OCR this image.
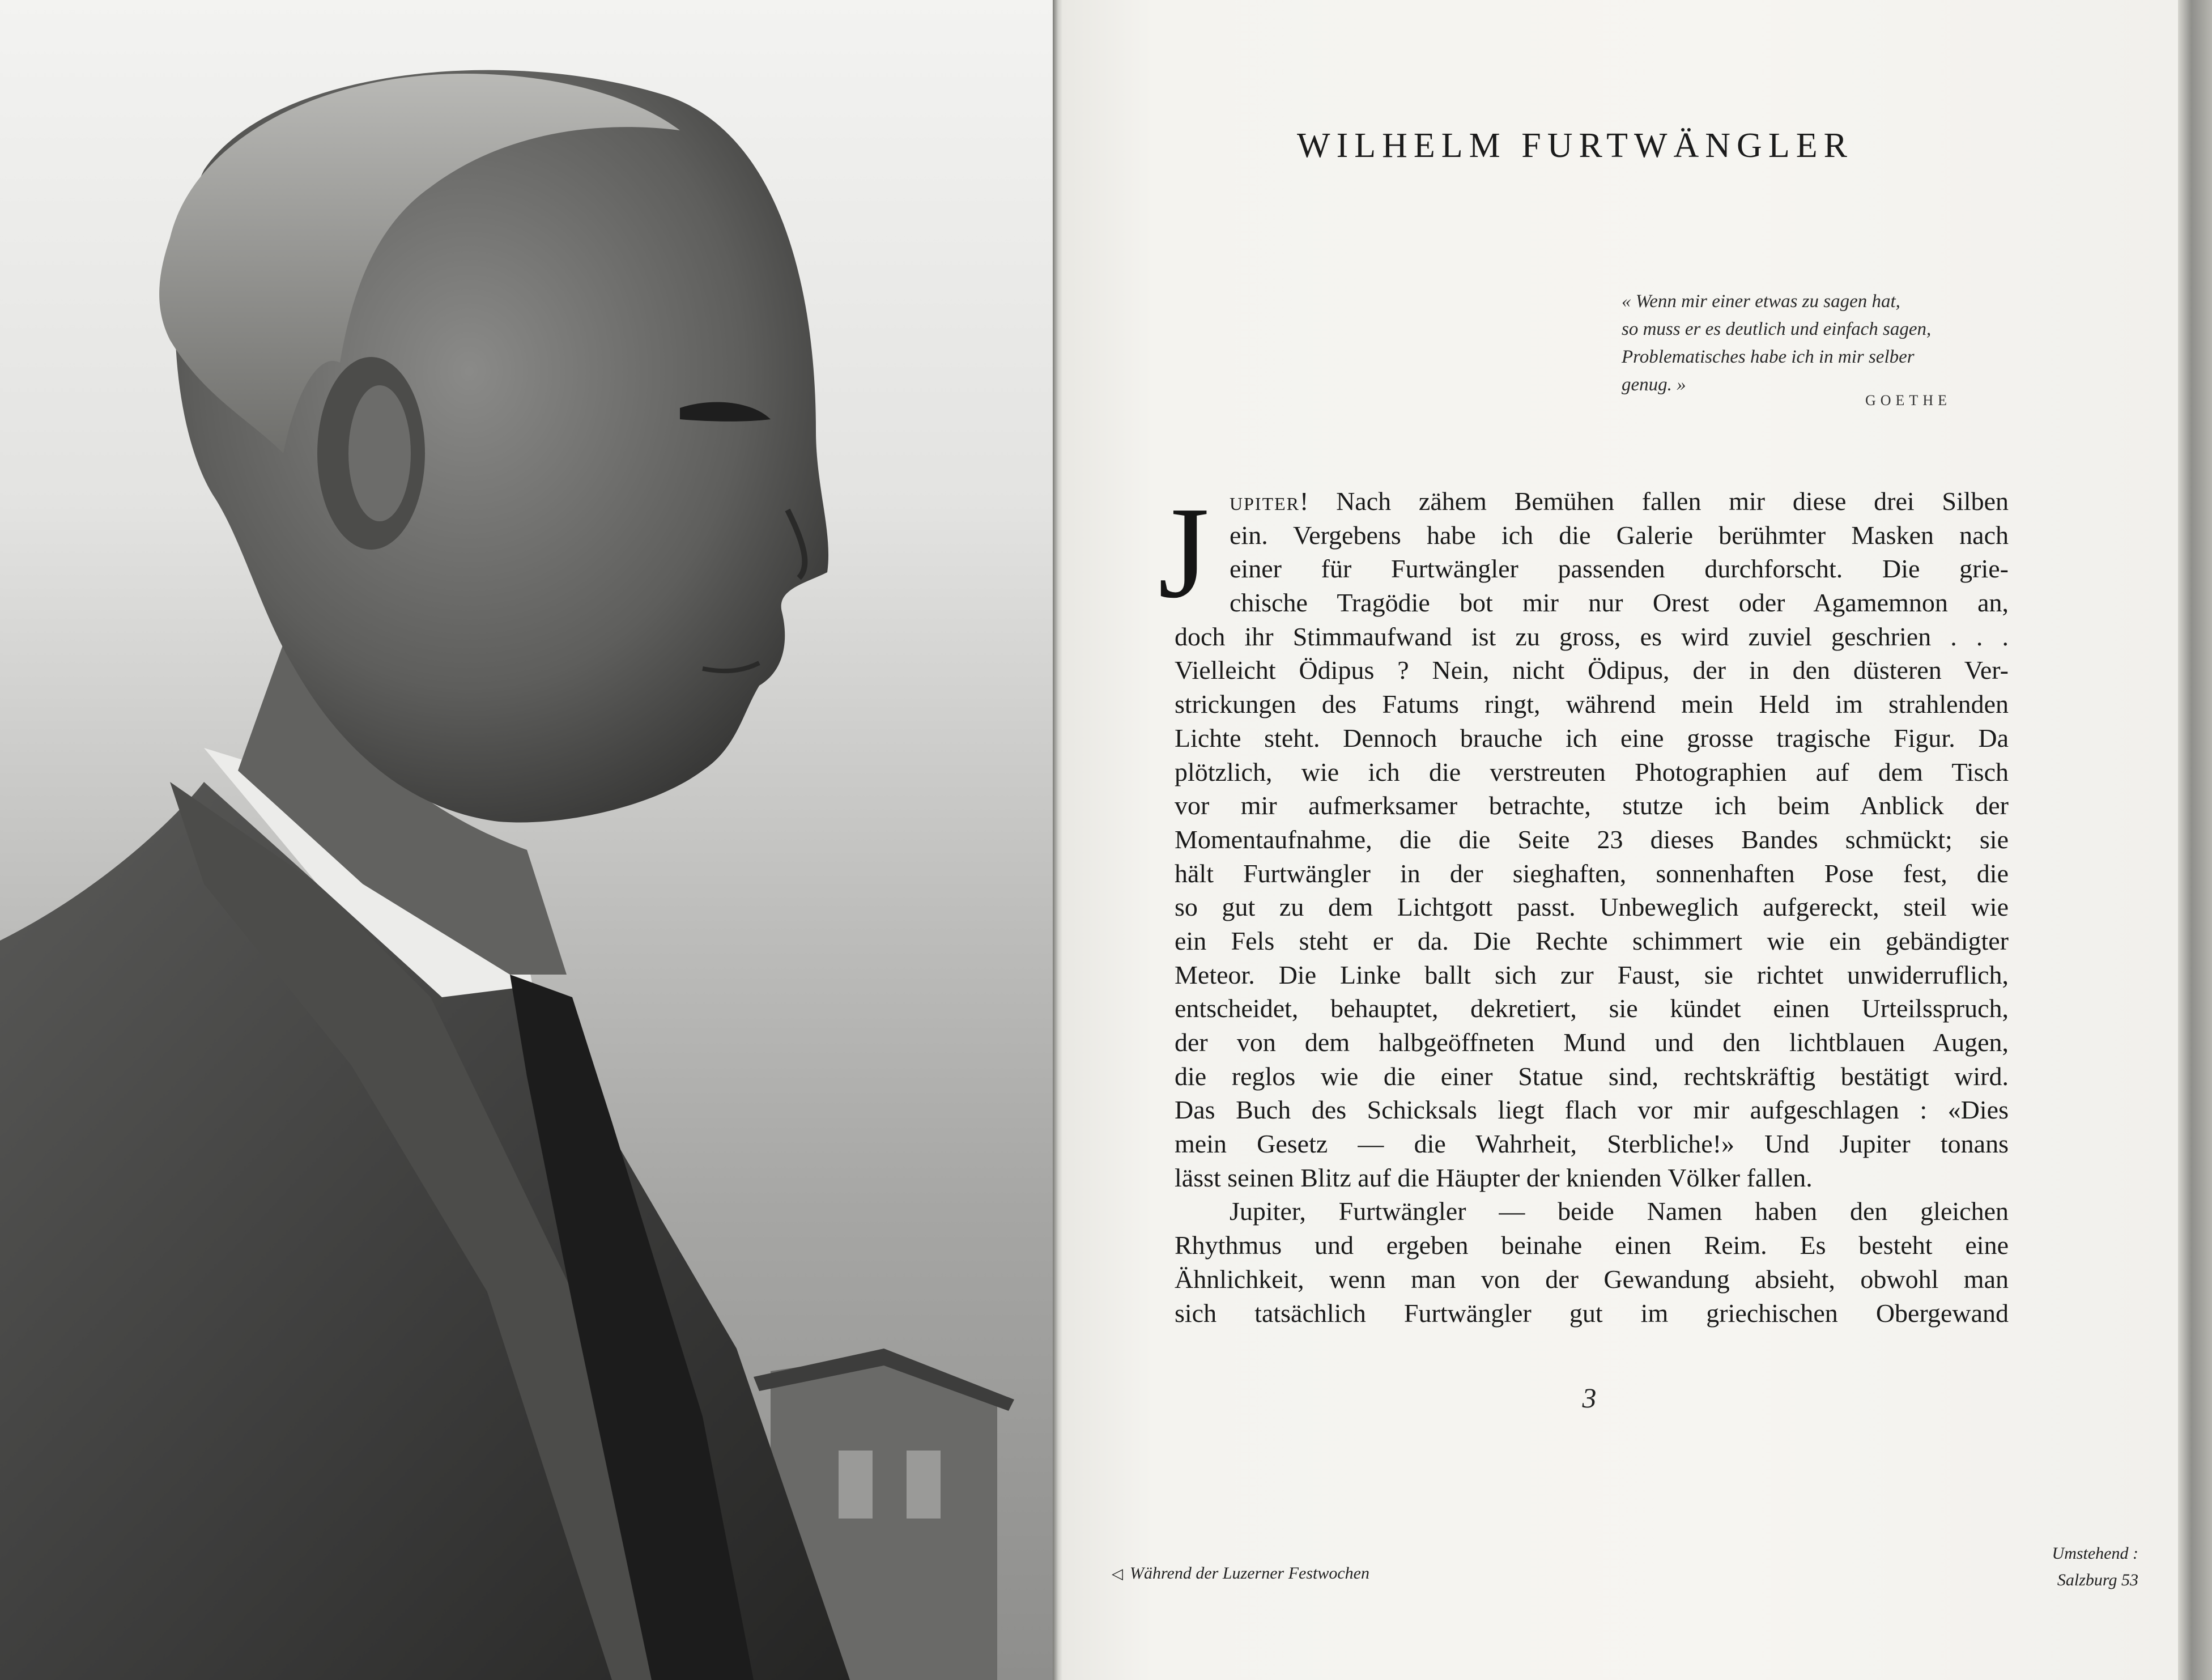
WILHELM FURTWÄNGLER

« Wenn mir einer etwas zu sagen hat,

so muss er es deutlich und einfach sagen,

Problematisches habe ich in mir selber

genug. »

GOETHE
J upiter! Nach zähem Bemühen fallen mir diese drei Silben
ein. Vergebens habe ich die Galerie berühmter Masken nach
einer für Furtwängler passenden durchforscht. Die grie-
chische Tragödie bot mir nur Orest oder Agamemnon an,
doch ihr Stimmaufwand ist zu gross, es wird zuviel geschrien . . .
Vielleicht Ödipus ? Nein, nicht Ödipus, der in den düsteren Ver-
strickungen des Fatums ringt, während mein Held im strahlenden
Lichte steht. Dennoch brauche ich eine grosse tragische Figur. Da
plötzlich, wie ich die verstreuten Photographien auf dem Tisch
vor mir aufmerksamer betrachte, stutze ich beim Anblick der
Momentaufnahme, die die Seite 23 dieses Bandes schmückt; sie
hält Furtwängler in der sieghaften, sonnenhaften Pose fest, die
so gut zu dem Lichtgott passt. Unbeweglich aufgereckt, steil wie
ein Fels steht er da. Die Rechte schimmert wie ein gebändigter
Meteor. Die Linke ballt sich zur Faust, sie richtet unwiderruflich,
entscheidet, behauptet, dekretiert, sie kündet einen Urteilsspruch,
der von dem halbgeöffneten Mund und den lichtblauen Augen,
die reglos wie die einer Statue sind, rechtskräftig bestätigt wird.
Das Buch des Schicksals liegt flach vor mir aufgeschlagen : «Dies
mein Gesetz — die Wahrheit, Sterbliche!» Und Jupiter tonans
lässt seinen Blitz auf die Häupter der knienden Völker fallen.
Jupiter, Furtwängler — beide Namen haben den gleichen
Rhythmus und ergeben beinahe einen Reim. Es besteht eine
Ähnlichkeit, wenn man von der Gewandung absieht, obwohl man
sich tatsächlich Furtwängler gut im griechischen Obergewand
3
◁ Während der Luzerner Festwochen
Umstehend :
Salzburg 53
